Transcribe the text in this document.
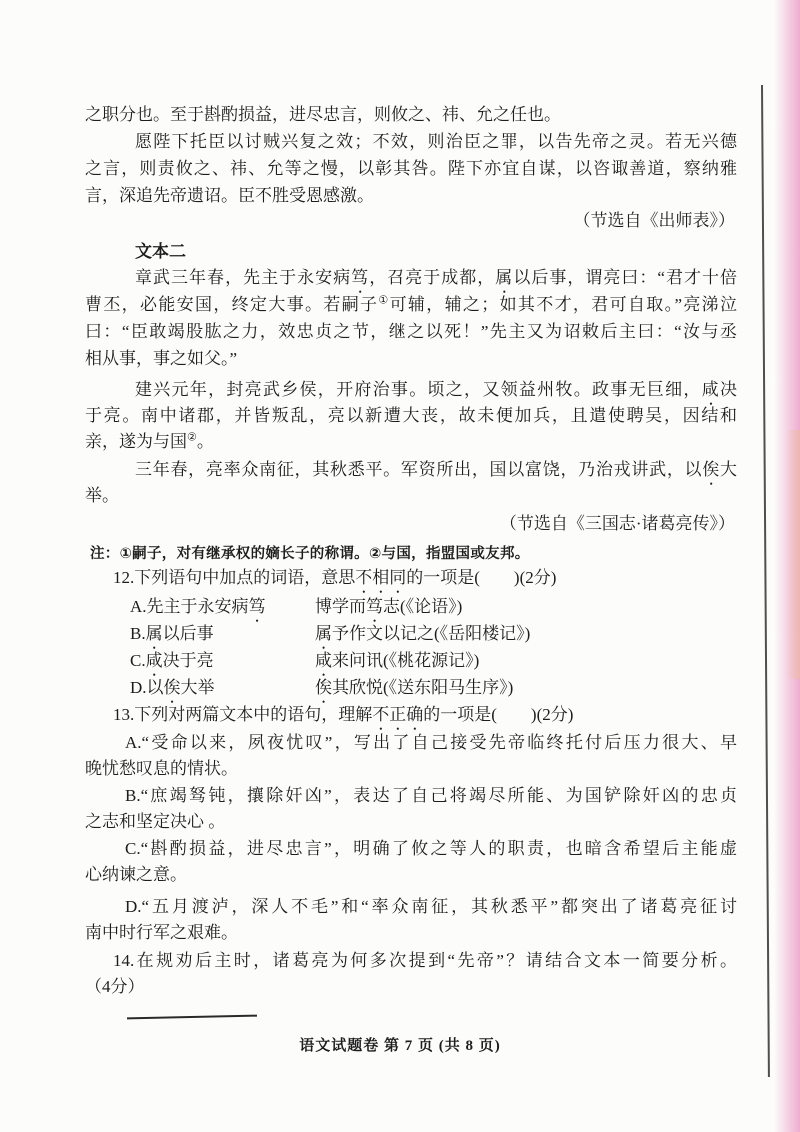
之职分也。至于斟酌损益，进尽忠言，则攸之、祎、允之任也。
愿陛下托臣以讨贼兴复之效；不效，则治臣之罪，以告先帝之灵。若无兴德
之言，则责攸之、祎、允等之慢，以彰其咎。陛下亦宜自谋，以咨诹善道，察纳雅
言，深追先帝遗诏。臣不胜受恩感激。
（节选自《出师表》）
文本二
章武三年春，先主于永安病笃，召亮于成都，属以后事，谓亮曰：“君才十倍
曹丕，必能安国，终定大事。若嗣子①可辅，辅之；如其不才，君可自取。”亮涕泣
曰：“臣敢竭股肱之力，效忠贞之节，继之以死！”先主又为诏敕后主曰：“汝与丞
相从事，事之如父。”
建兴元年，封亮武乡侯，开府治事。顷之，又领益州牧。政事无巨细，咸决
于亮。南中诸郡，并皆叛乱，亮以新遭大丧，故未便加兵，且遣使聘吴，因结和
亲，遂为与国②。
三年春，亮率众南征，其秋悉平。军资所出，国以富饶，乃治戎讲武，以俟大
举。
（节选自《三国志·诸葛亮传》）
注：①嗣子，对有继承权的嫡长子的称谓。②与国，指盟国或友邦。
12.下列语句中加点的词语，意思不相同的一项是(　　)(2分)
A.先主于永安病笃	博学而笃志(《论语》)
B.属以后事	属予作文以记之(《岳阳楼记》)
C.咸决于亮	咸来问讯(《桃花源记》)
D.以俟大举	俟其欣悦(《送东阳马生序》)
13.下列对两篇文本中的语句，理解不正确的一项是(　　)(2分)
A.“受命以来，夙夜忧叹”，写出了自己接受先帝临终托付后压力很大、早
晚忧愁叹息的情状。
B.“庶竭驽钝，攘除奸凶”，表达了自己将竭尽所能、为国铲除奸凶的忠贞
之志和坚定决心 。
C.“斟酌损益，进尽忠言”，明确了攸之等人的职责，也暗含希望后主能虚
心纳谏之意。
D.“五月渡泸，深人不毛”和“率众南征，其秋悉平”都突出了诸葛亮征讨
南中时行军之艰难。
14.在规劝后主时，诸葛亮为何多次提到“先帝”？请结合文本一简要分析。
（4分）
语文试题卷 第 7 页 (共 8 页)
